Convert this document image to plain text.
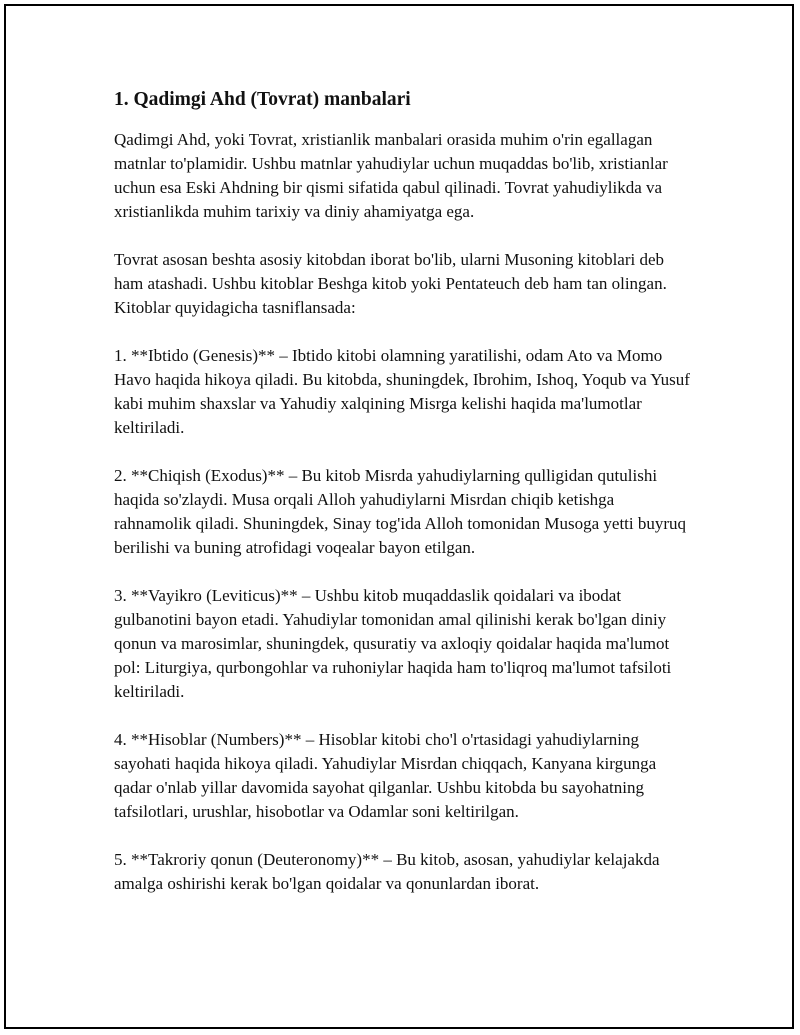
1. Qadimgi Ahd (Tovrat) manbalari

Qadimgi Ahd, yoki Tovrat, xristianlik manbalari orasida muhim o'rin egallagan matnlar to'plamidir. Ushbu matnlar yahudiylar uchun muqaddas bo'lib, xristianlar uchun esa Eski Ahdning bir qismi sifatida qabul qilinadi. Tovrat yahudiylikda va xristianlikda muhim tarixiy va diniy ahamiyatga ega.

Tovrat asosan beshta asosiy kitobdan iborat bo'lib, ularni Musoning kitoblari deb ham atashadi. Ushbu kitoblar Beshga kitob yoki Pentateuch deb ham tan olingan. Kitoblar quyidagicha tasniflansada:

1. **Ibtido (Genesis)** – Ibtido kitobi olamning yaratilishi, odam Ato va Momo Havo haqida hikoya qiladi. Bu kitobda, shuningdek, Ibrohim, Ishoq, Yoqub va Yusuf kabi muhim shaxslar va Yahudiy xalqining Misrga kelishi haqida ma'lumotlar keltiriladi.

2. **Chiqish (Exodus)** – Bu kitob Misrda yahudiylarning qulligidan qutulishi haqida so'zlaydi. Musa orqali Alloh yahudiylarni Misrdan chiqib ketishga rahnamolik qiladi. Shuningdek, Sinay tog'ida Alloh tomonidan Musoga yetti buyruq berilishi va buning atrofidagi voqealar bayon etilgan.

3. **Vayikro (Leviticus)** – Ushbu kitob muqaddaslik qoidalari va ibodat gulbanotini bayon etadi. Yahudiylar tomonidan amal qilinishi kerak bo'lgan diniy qonun va marosimlar, shuningdek, qusuratiy va axloqiy qoidalar haqida ma'lumot pol: Liturgiya, qurbongohlar va ruhoniylar haqida ham to'liqroq ma'lumot tafsiloti keltiriladi.

4. **Hisoblar (Numbers)** – Hisoblar kitobi cho'l o'rtasidagi yahudiylarning sayohati haqida hikoya qiladi. Yahudiylar Misrdan chiqqach, Kanyana kirgunga qadar o'nlab yillar davomida sayohat qilganlar. Ushbu kitobda bu sayohatning tafsilotlari, urushlar, hisobotlar va Odamlar soni keltirilgan.

5. **Takroriy qonun (Deuteronomy)** – Bu kitob, asosan, yahudiylar kelajakda amalga oshirishi kerak bo'lgan qoidalar va qonunlardan iborat.
